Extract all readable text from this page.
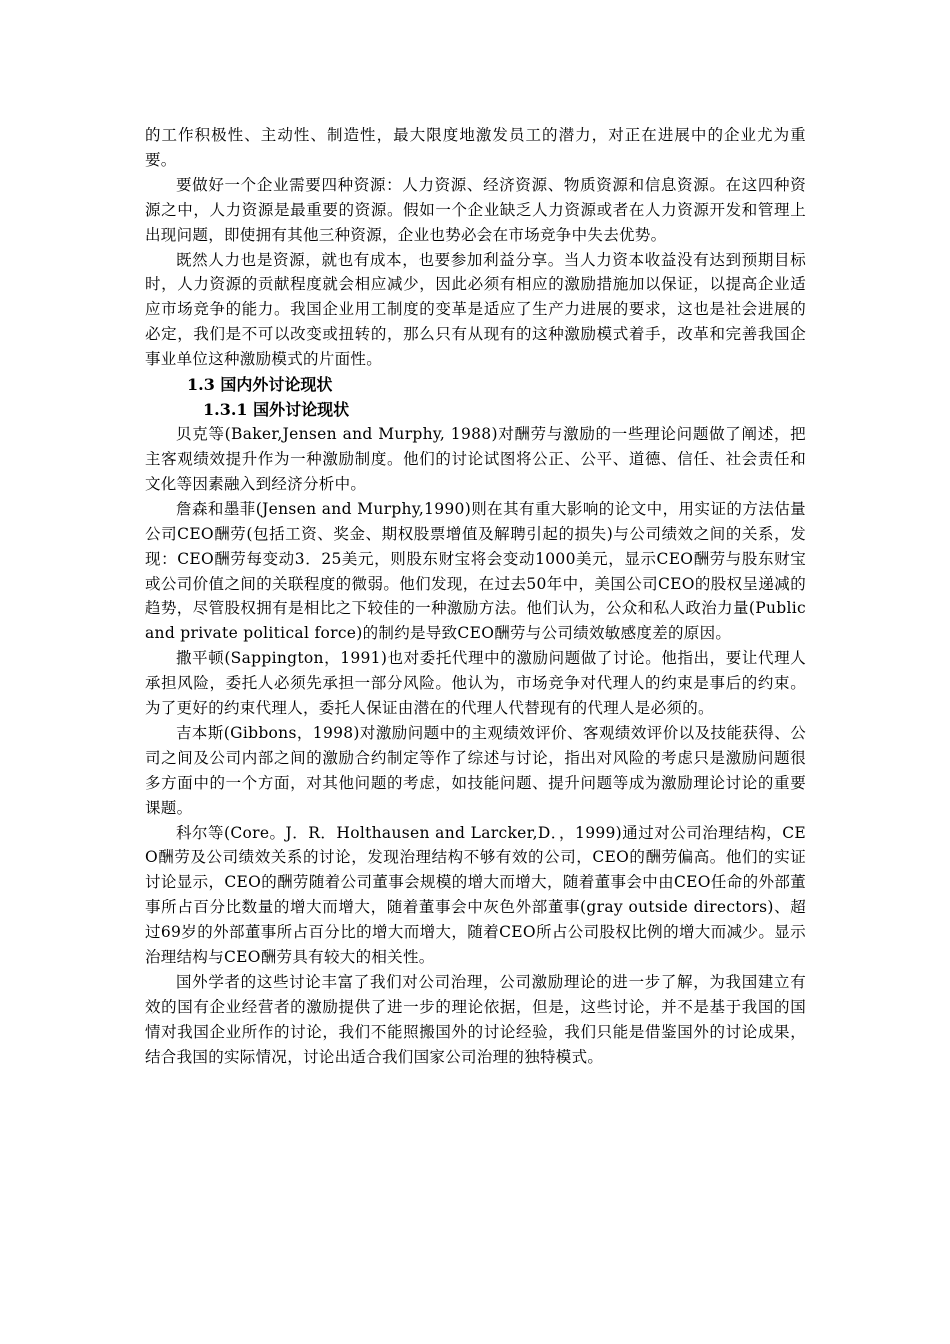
的工作积极性、主动性、制造性，最大限度地激发员工的潜力，对正在进展中的企业尤为重要。

要做好一个企业需要四种资源：人力资源、经济资源、物质资源和信息资源。在这四种资源之中，人力资源是最重要的资源。假如一个企业缺乏人力资源或者在人力资源开发和管理上出现问题，即使拥有其他三种资源，企业也势必会在市场竞争中失去优势。

既然人力也是资源，就也有成本，也要参加利益分享。当人力资本收益没有达到预期目标时，人力资源的贡献程度就会相应减少，因此必须有相应的激励措施加以保证，以提高企业适应市场竞争的能力。我国企业用工制度的变革是适应了生产力进展的要求，这也是社会进展的必定，我们是不可以改变或扭转的，那么只有从现有的这种激励模式着手，改革和完善我国企事业单位这种激励模式的片面性。

1.3 国内外讨论现状
1.3.1 国外讨论现状

贝克等(Baker,Jensen and Murphy, 1988)对酬劳与激励的一些理论问题做了阐述，把主客观绩效提升作为一种激励制度。他们的讨论试图将公正、公平、道德、信任、社会责任和文化等因素融入到经济分析中。

詹森和墨菲(Jensen and Murphy,1990)则在其有重大影响的论文中，用实证的方法估量公司CEO酬劳(包括工资、奖金、期权股票增值及解聘引起的损失)与公司绩效之间的关系，发现：CEO酬劳每变动3．25美元，则股东财宝将会变动1000美元，显示CEO酬劳与股东财宝或公司价值之间的关联程度的微弱。他们发现，在过去50年中，美国公司CEO的股权呈递减的趋势，尽管股权拥有是相比之下较佳的一种激励方法。他们认为，公众和私人政治力量(Public and private political force)的制约是导致CEO酬劳与公司绩效敏感度差的原因。

撒平顿(Sappington，1991)也对委托代理中的激励问题做了讨论。他指出，要让代理人承担风险，委托人必须先承担一部分风险。他认为，市场竞争对代理人的约束是事后的约束。为了更好的约束代理人，委托人保证由潜在的代理人代替现有的代理人是必须的。

吉本斯(Gibbons，1998)对激励问题中的主观绩效评价、客观绩效评价以及技能获得、公司之间及公司内部之间的激励合约制定等作了综述与讨论，指出对风险的考虑只是激励问题很多方面中的一个方面，对其他问题的考虑，如技能问题、提升问题等成为激励理论讨论的重要课题。

科尔等(Core。J．R．Holthausen and Larcker,D．，1999)通过对公司治理结构，CEO酬劳及公司绩效关系的讨论，发现治理结构不够有效的公司，CEO的酬劳偏高。他们的实证讨论显示，CEO的酬劳随着公司董事会规模的增大而增大，随着董事会中由CEO任命的外部董事所占百分比数量的增大而增大，随着董事会中灰色外部董事(gray outside directors)、超过69岁的外部董事所占百分比的增大而增大，随着CEO所占公司股权比例的增大而减少。显示治理结构与CEO酬劳具有较大的相关性。

国外学者的这些讨论丰富了我们对公司治理，公司激励理论的进一步了解，为我国建立有效的国有企业经营者的激励提供了进一步的理论依据，但是，这些讨论，并不是基于我国的国情对我国企业所作的讨论，我们不能照搬国外的讨论经验，我们只能是借鉴国外的讨论成果，结合我国的实际情况，讨论出适合我们国家公司治理的独特模式。
